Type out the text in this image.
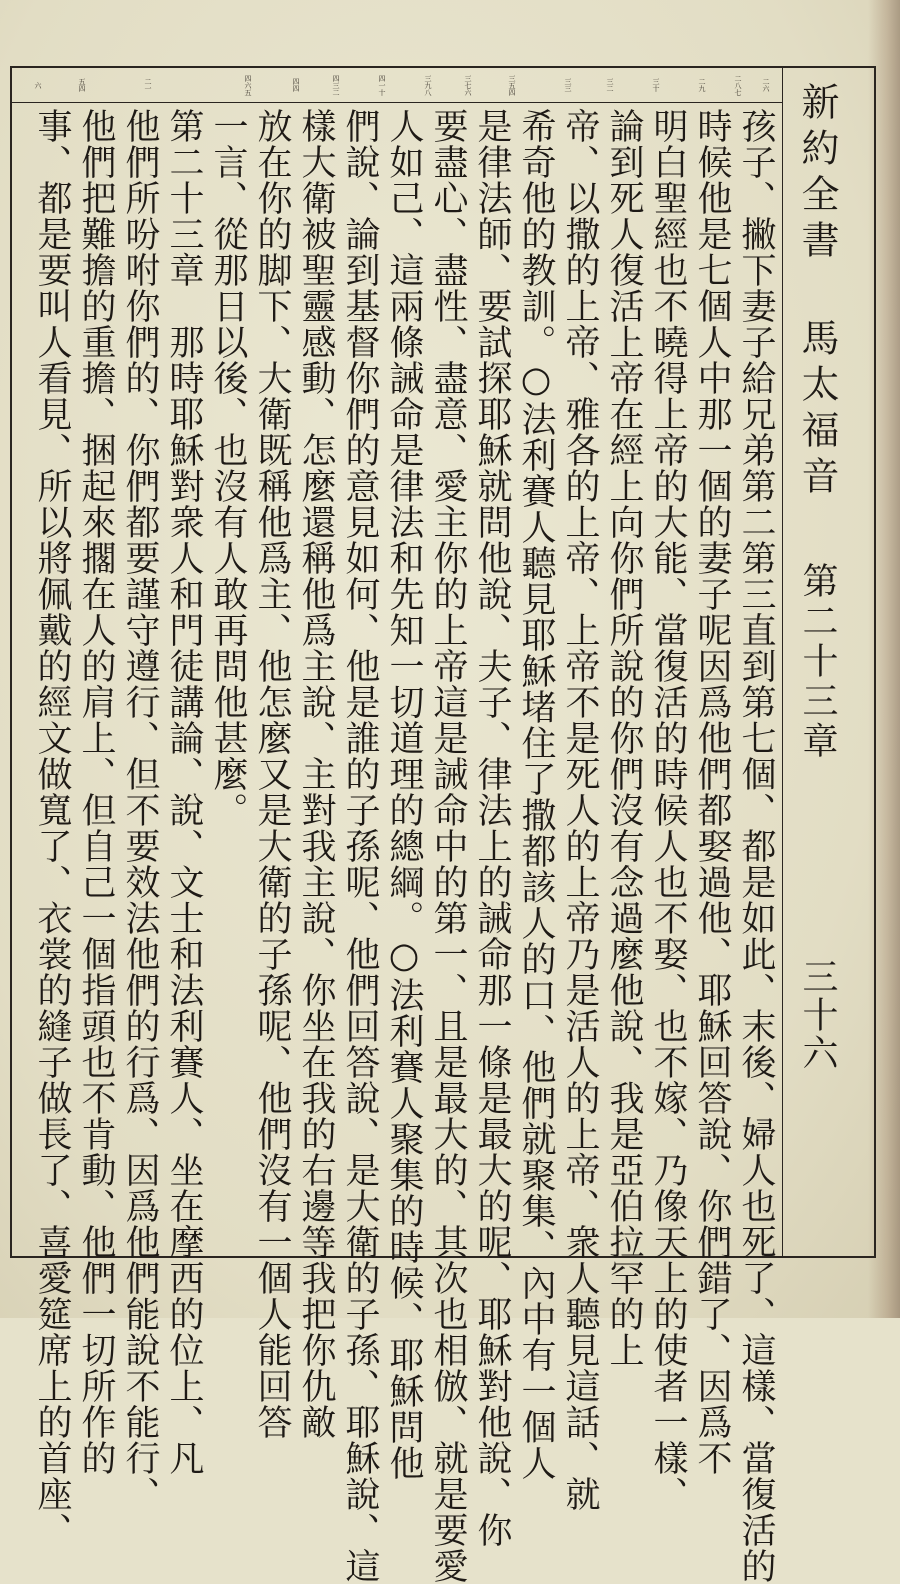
新約全書 馬太福音
第二十三章
三十六
六	五四	二一	四六五	四四	四三二	四一十	三九八	三七六	三五四	三三	三二	三十	二九	二八七	二六
孩子、撇下妻子給兄弟第二第三直到第七個、都是如此、末後、婦人也死了、這樣、當復活的
時候他是七個人中那一個的妻子呢因爲他們都娶過他、耶穌回答說、你們錯了、因爲不
明白聖經也不曉得上帝的大能、當復活的時候人也不娶、也不嫁、乃像天上的使者一樣、
論到死人復活上帝在經上向你們所說的你們沒有念過麼他說、我是亞伯拉罕的上
帝、以撒的上帝、雅各的上帝、上帝不是死人的上帝乃是活人的上帝、衆人聽見這話、就
希奇他的教訓。○法利賽人聽見耶穌堵住了撒都該人的口、他們就聚集、內中有一個人
是律法師、要試探耶穌就問他說、夫子、律法上的誡命那一條是最大的呢、耶穌對他說、你
要盡心、盡性、盡意、愛主你的上帝這是誡命中的第一、且是最大的、其次也相倣、就是要愛
人如己、這兩條誡命是律法和先知一切道理的總綱。○法利賽人聚集的時候、耶穌問他
們說、論到基督你們的意見如何、他是誰的子孫呢、他們回答說、是大衛的子孫、耶穌說、這
樣大衛被聖靈感動、怎麼還稱他爲主說、主對我主說、你坐在我的右邊等我把你仇敵
放在你的脚下、大衛既稱他爲主、他怎麼又是大衛的子孫呢、他們沒有一個人能回答
一言、從那日以後、也沒有人敢再問他甚麼。
第二十三章　那時耶穌對衆人和門徒講論、說、文士和法利賽人、坐在摩西的位上、凡
他們所吩咐你們的、你們都要謹守遵行、但不要效法他們的行爲、因爲他們能說不能行、
他們把難擔的重擔、捆起來擱在人的肩上、但自己一個指頭也不肯動、他們一切所作的
事、都是要叫人看見、所以將佩戴的經文做寬了、衣裳的縫子做長了、喜愛筵席上的首座、
